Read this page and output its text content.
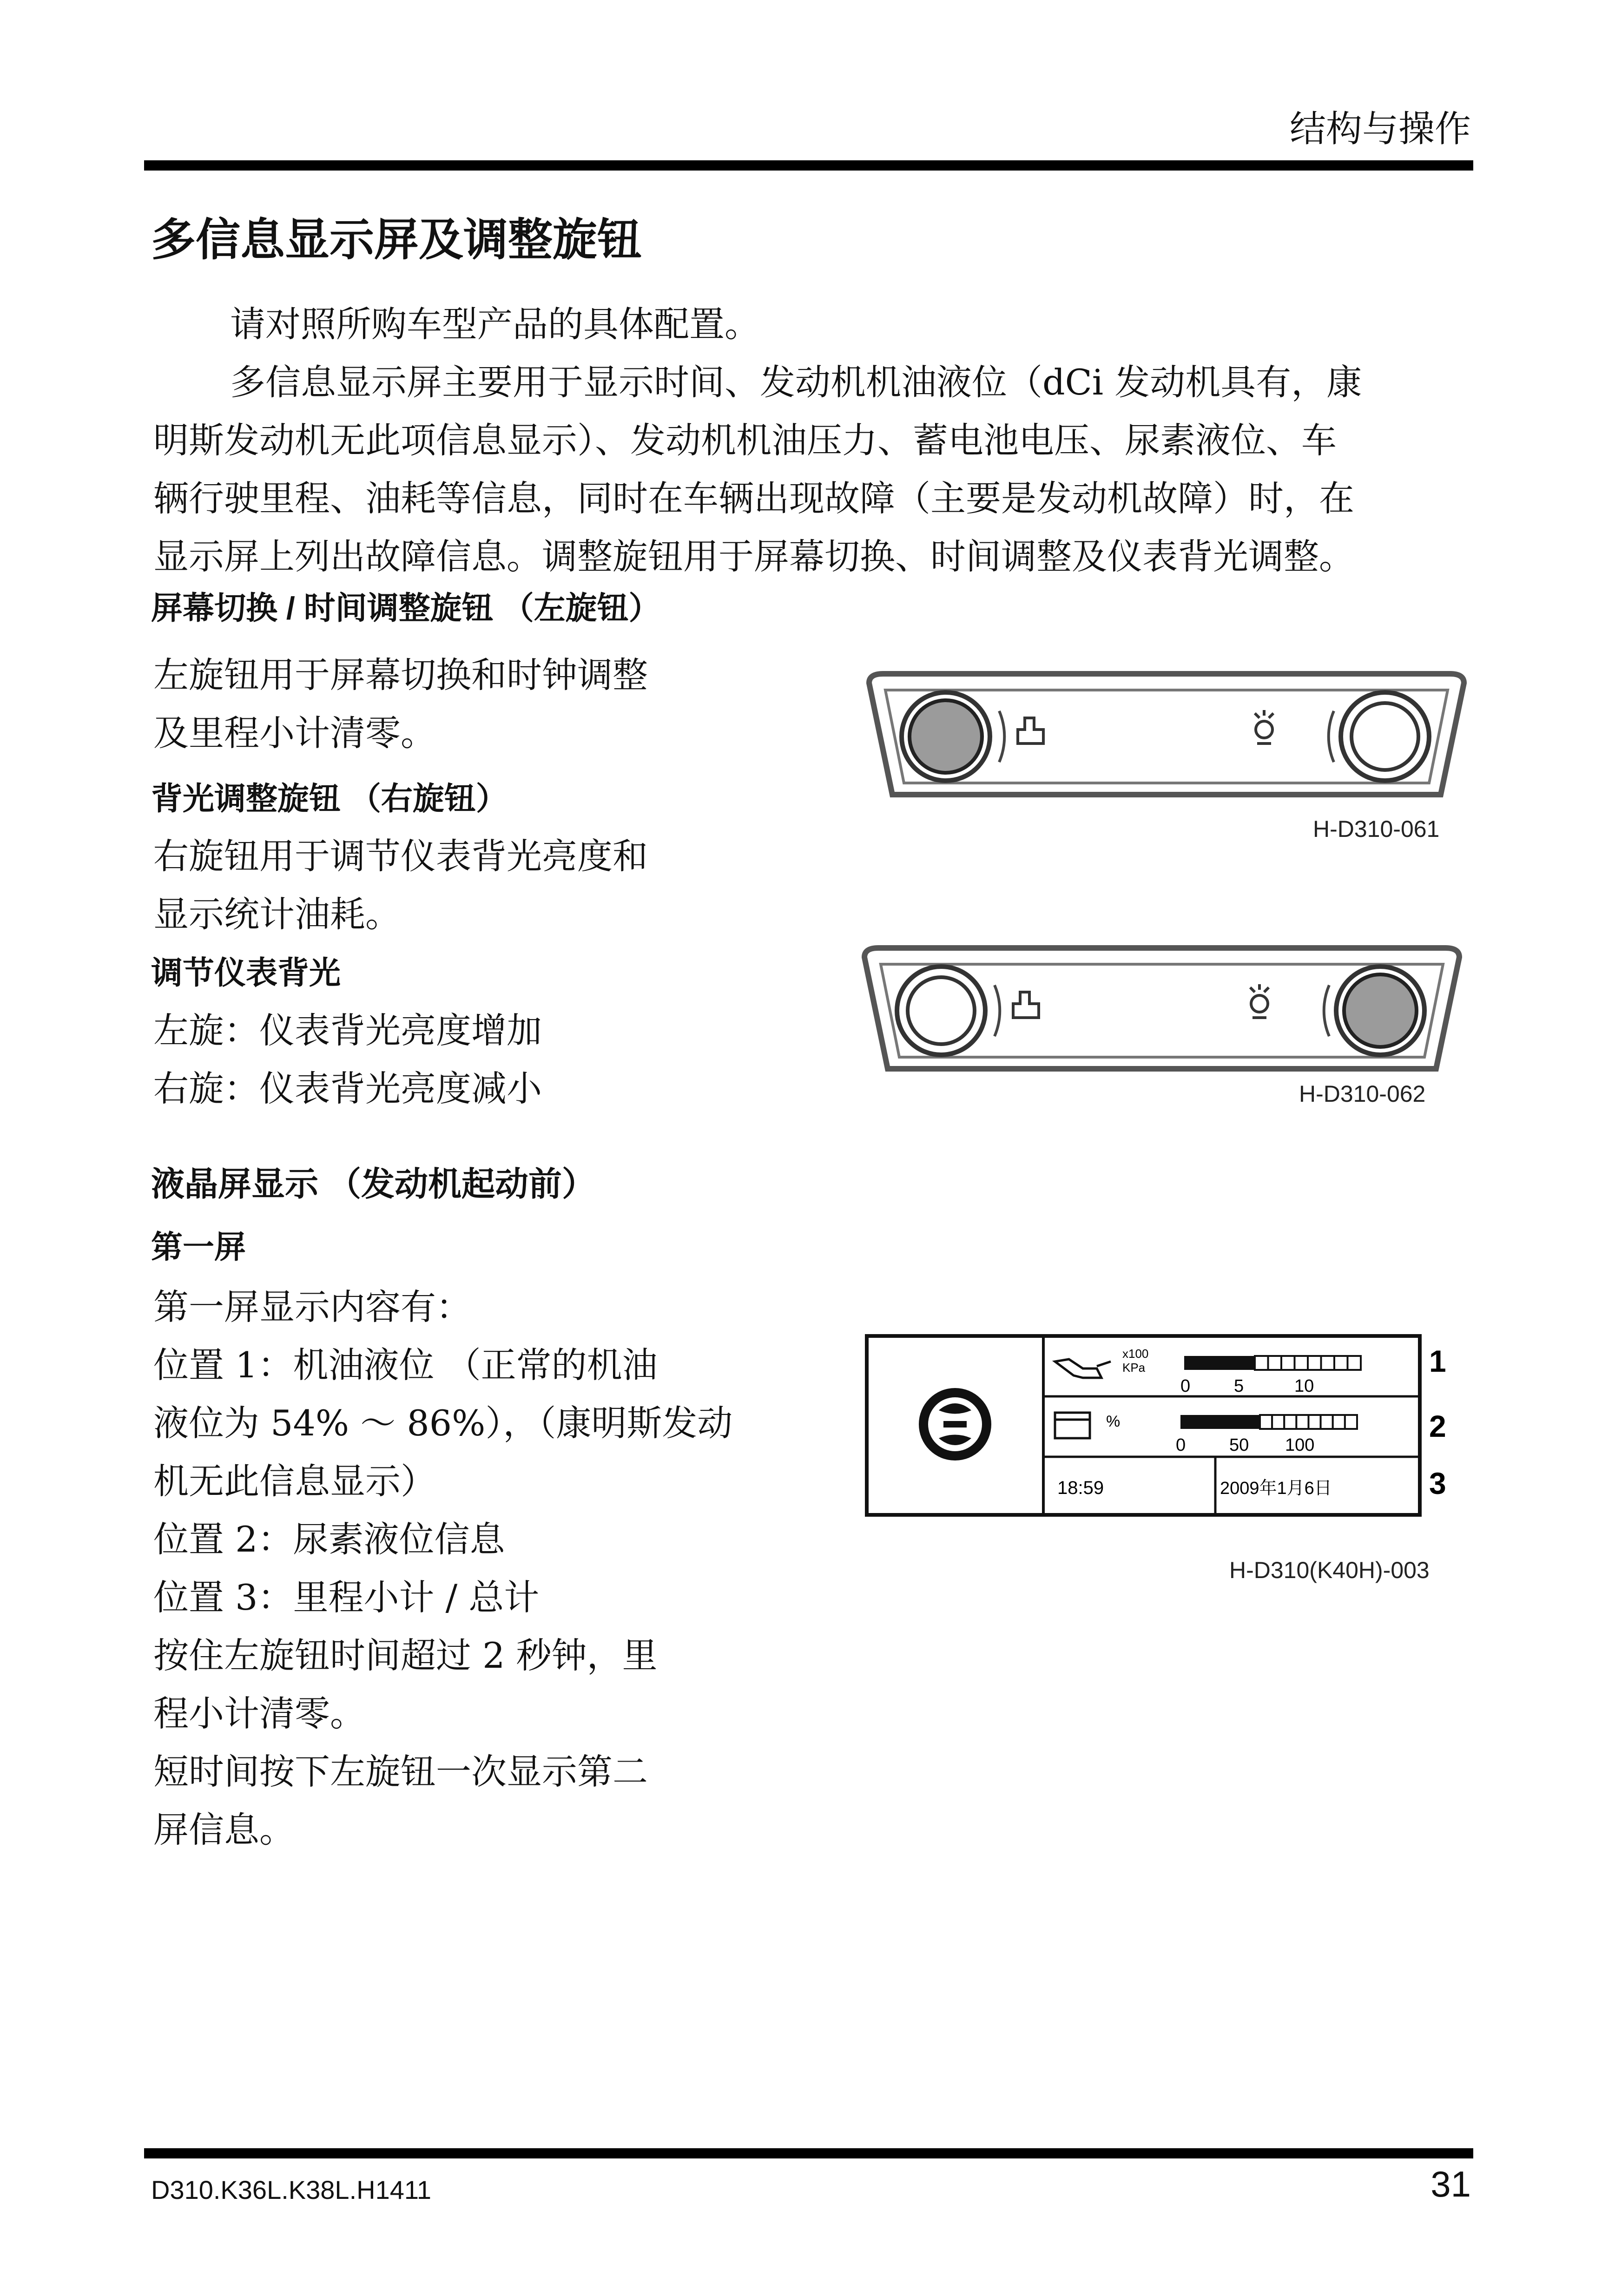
结构与操作
多信息显示屏及调整旋钮
请对照所购车型产品的具体配置。
多信息显示屏主要用于显示时间、发动机机油液位（dCi 发动机具有，康
明斯发动机无此项信息显示）、发动机机油压力、蓄电池电压、尿素液位、车
辆行驶里程、油耗等信息，同时在车辆出现故障（主要是发动机故障）时，在
显示屏上列出故障信息。调整旋钮用于屏幕切换、时间调整及仪表背光调整。
屏幕切换 / 时间调整旋钮 （左旋钮）
左旋钮用于屏幕切换和时钟调整
及里程小计清零。
背光调整旋钮 （右旋钮）
右旋钮用于调节仪表背光亮度和
显示统计油耗。
调节仪表背光
左旋：仪表背光亮度增加
右旋：仪表背光亮度减小
H-D310-061
H-D310-062
液晶屏显示 （发动机起动前）
第一屏
第一屏显示内容有：
位置 1：机油液位 （正常的机油
液位为 54% ～ 86%），（康明斯发动
机无此信息显示）
位置 2：尿素液位信息
位置 3：里程小计 / 总计
按住左旋钮时间超过 2 秒钟，里
程小计清零。
短时间按下左旋钮一次显示第二
屏信息。
x100
KPa
0 5	10
%
0 50 100
18:59	2009年1月6日
1
2
3
H-D310(K40H)-003
D310.K36L.K38L.H1411	31
